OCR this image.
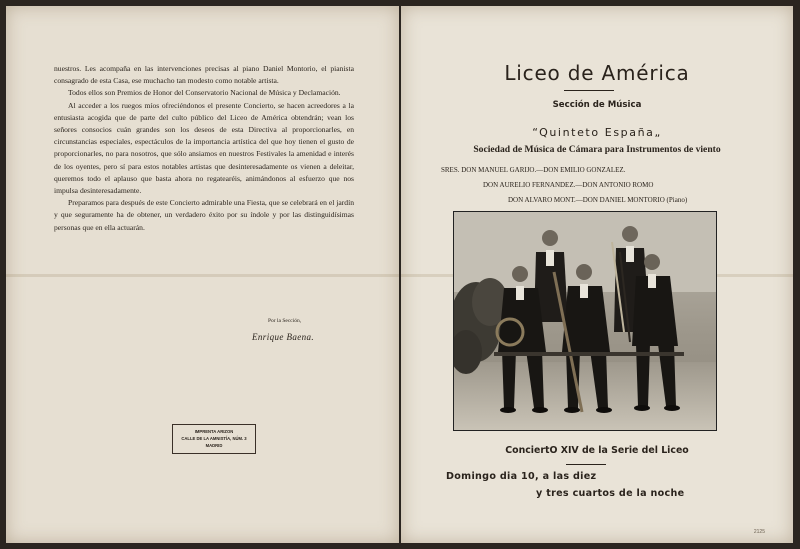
nuestros. Les acompaña en las intervenciones precisas al piano Daniel Montorio, el pianista consagrado de esta Casa, ese muchacho tan modesto como notable artista.

Todos ellos son Premios de Honor del Conservatorio Nacional de Música y Declamación.

Al acceder a los ruegos míos ofreciéndonos el presente Concierto, se hacen acreedores a la entusiasta acogida que de parte del culto público del Liceo de América obtendrán; vean los señores consocios cuán grandes son los deseos de esta Directiva al proporcionarles, en circunstancias especiales, espectáculos de la importancia artística del que hoy tienen el gusto de proporcionarles, no para nosotros, que sólo ansiamos en nuestros Festivales la amenidad e interés de los oyentes, pero sí para estos notables artistas que desinteresadamente os vienen a deleitar, queremos todo el aplauso que basta ahora no regatearéis, animándonos al esfuerzo que nos impulsa desinteresadamente.

Preparamos para después de este Concierto admirable una Fiesta, que se celebrará en el jardín y que seguramente ha de obtener, un verdadero éxito por su índole y por las distinguidísimas personas que en ella actuarán.

Por la Sección,
Enrique Baena.
IMPRENTA ARIZON
CALLE DE LA AMNISTÍA, NÚM. 3
MADRID
Liceo de América
Sección de Música
“Quinteto España„
Sociedad de Música de Cámara para Instrumentos de viento
SRES. DON MANUEL GARIJO.—DON EMILIO GONZALEZ.
DON AURELIO FERNANDEZ.—DON ANTONIO ROMO
DON ALVARO MONT.—DON DANIEL MONTORIO (Piano)
ConciertO XIV de la Serie del Liceo
Domingo dia 10, a las diez
y tres cuartos de la noche
2125
